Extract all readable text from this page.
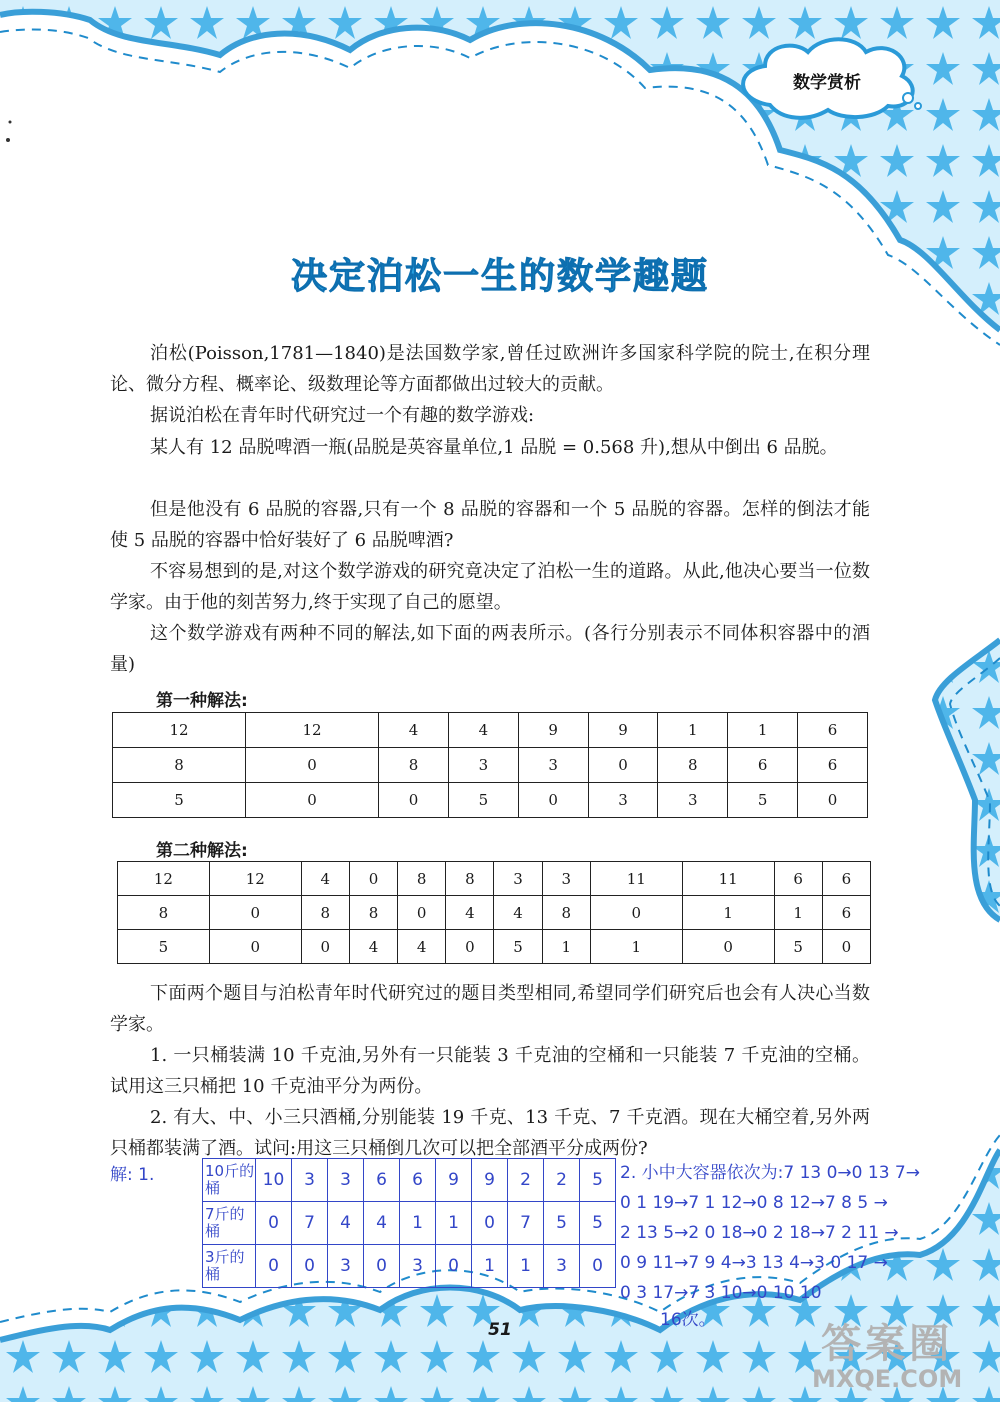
数学赏析
决定泊松一生的数学趣题

泊松(Poisson,1781—1840)是法国数学家,曾任过欧洲许多国家科学院的院士,在积分理论、微分方程、概率论、级数理论等方面都做出过较大的贡献。

据说泊松在青年时代研究过一个有趣的数学游戏:

某人有 12 品脱啤酒一瓶(品脱是英容量单位,1 品脱 = 0.568 升),想从中倒出 6 品脱。

但是他没有 6 品脱的容器,只有一个 8 品脱的容器和一个 5 品脱的容器。怎样的倒法才能使 5 品脱的容器中恰好装好了 6 品脱啤酒?

不容易想到的是,对这个数学游戏的研究竟决定了泊松一生的道路。从此,他决心要当一位数学家。由于他的刻苦努力,终于实现了自己的愿望。

这个数学游戏有两种不同的解法,如下面的两表所示。(各行分别表示不同体积容器中的酒量)

第一种解法:
12	12	4	4	9	9	1	1	6
8	0	8	3	3	0	8	6	6
5	0	0	5	0	3	3	5	0
第二种解法:
12	12	4	0	8	8	3	3	11	11	6	6
8	0	8	8	0	4	4	8	0	1	1	6
5	0	0	4	4	0	5	1	1	0	5	0

下面两个题目与泊松青年时代研究过的题目类型相同,希望同学们研究后也会有人决心当数学家。

1. 一只桶装满 10 千克油,另外有一只能装 3 千克油的空桶和一只能装 7 千克油的空桶。试用这三只桶把 10 千克油平分为两份。

2. 有大、中、小三只酒桶,分别能装 19 千克、13 千克、7 千克酒。现在大桶空着,另外两只桶都装满了酒。试问:用这三只桶倒几次可以把全部酒平分成两份?

解: 1.	10斤的桶	10	3	3	6	6	9	9	2	2	5
7斤的桶	0	7	4	4	1	1	0	7	5	5
3斤的桶	0	0	3	0	3	0	1	1	3	0
2. 小中大容器依次为:7 13 0→0 13 7→
0 1 19→7 1 12→0 8 12→7 8 5 →
2 13 5→2 0 18→0 2 18→7 2 11 →
0 9 11→7 9 4→3 13 4→3 0 17 →
0 3 17→7 3 10→0 10 10
16次。
51	答案圈
MXQE.COM
